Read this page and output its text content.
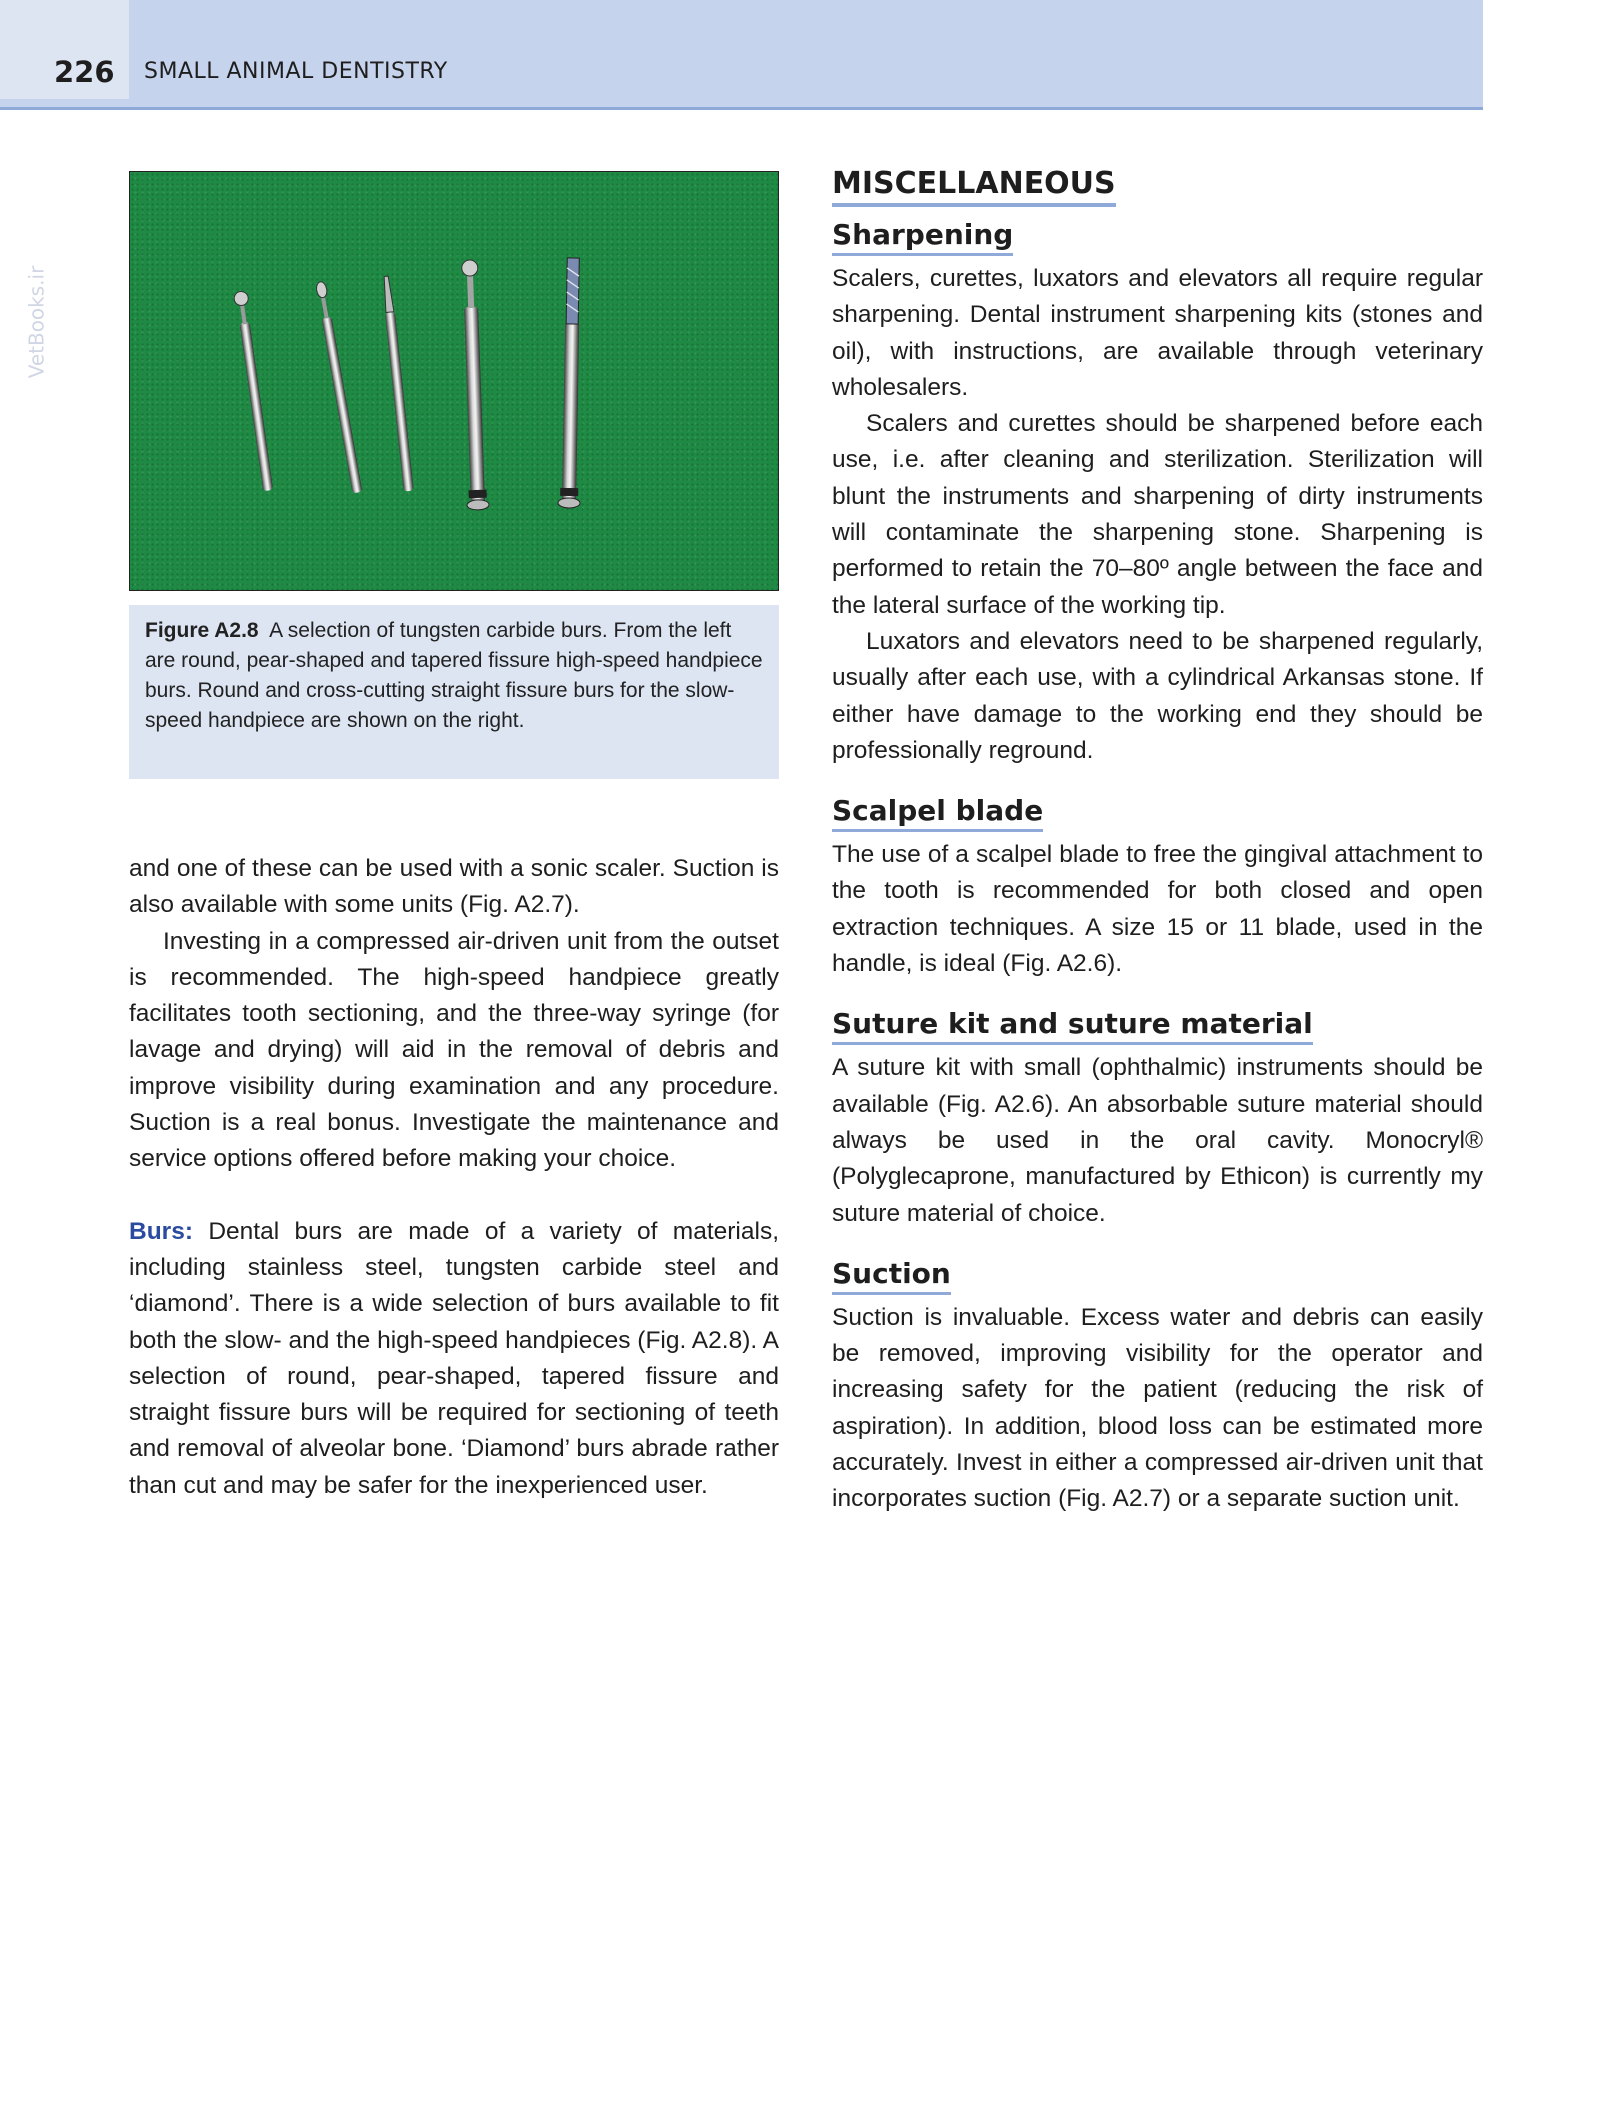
226 SMALL ANIMAL DENTISTRY
VetBooks.ir
Figure A2.8 A selection of tungsten carbide burs. From the left are round, pear-shaped and tapered fissure high-speed handpiece burs. Round and cross-cutting straight fissure burs for the slow-speed handpiece are shown on the right.

and one of these can be used with a sonic scaler. Suction is also available with some units (Fig. A2.7).

Investing in a compressed air-driven unit from the outset is recommended. The high-speed handpiece greatly facilitates tooth sectioning, and the three-way syringe (for lavage and drying) will aid in the removal of debris and improve visibility during examination and any procedure. Suction is a real bonus. Investigate the maintenance and service options offered before making your choice.

Burs: Dental burs are made of a variety of materials, including stainless steel, tungsten carbide steel and ‘diamond’. There is a wide selection of burs available to fit both the slow- and the high-speed handpieces (Fig. A2.8). A selection of round, pear-shaped, tapered fissure and straight fissure burs will be required for sectioning of teeth and removal of alveolar bone. ‘Diamond’ burs abrade rather than cut and may be safer for the inexperienced user.

MISCELLANEOUS
Sharpening

Scalers, curettes, luxators and elevators all require regular sharpening. Dental instrument sharpening kits (stones and oil), with instructions, are available through veterinary wholesalers.

Scalers and curettes should be sharpened before each use, i.e. after cleaning and sterilization. Sterilization will blunt the instruments and sharpening of dirty instruments will contaminate the sharpening stone. Sharpening is performed to retain the 70–80º angle between the face and the lateral surface of the working tip.

Luxators and elevators need to be sharpened regularly, usually after each use, with a cylindrical Arkansas stone. If either have damage to the working end they should be professionally reground.

Scalpel blade

The use of a scalpel blade to free the gingival attachment to the tooth is recommended for both closed and open extraction techniques. A size 15 or 11 blade, used in the handle, is ideal (Fig. A2.6).

Suture kit and suture material

A suture kit with small (ophthalmic) instruments should be available (Fig. A2.6). An absorbable suture material should always be used in the oral cavity. Monocryl® (Polyglecaprone, manufactured by Ethicon) is currently my suture material of choice.

Suction

Suction is invaluable. Excess water and debris can easily be removed, improving visibility for the operator and increasing safety for the patient (reducing the risk of aspiration). In addition, blood loss can be estimated more accurately. Invest in either a compressed air-driven unit that incorporates suction (Fig. A2.7) or a separate suction unit.
